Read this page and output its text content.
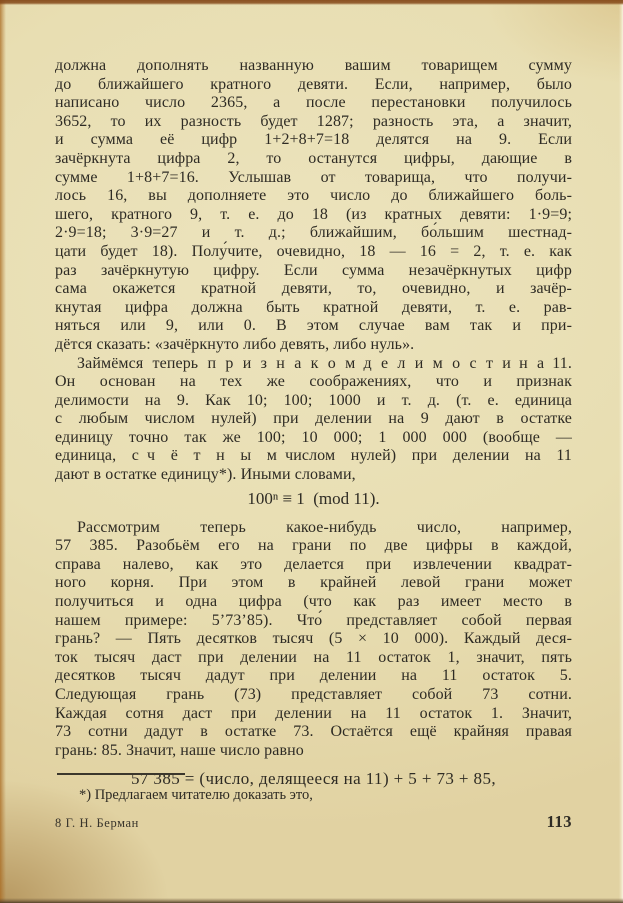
должна дополнять названную вашим товарищем сумму
до ближайшего кратного девяти. Если, например, было
написано число 2365, а после перестановки получилось
3652, то их разность будет 1287; разность эта, а значит,
и сумма её цифр 1+2+8+7=18 делятся на 9. Если
зачёркнута цифра 2, то останутся цифры, дающие в
сумме 1+8+7=16. Услышав от товарища, что получи-
лось 16, вы дополняете это число до ближайшего боль-
шего, кратного 9, т. е. до 18 (из кратных девяти: 1·9=9;
2·9=18; 3·9=27 и т. д.; ближайшим, бо́льшим шестнад-
цати будет 18). Полу́чите, очевидно, 18 — 16 = 2, т. е. как
раз зачёркнутую цифру. Если сумма незачёркнутых цифр
сама окажется кратной девяти, то, очевидно, и зачёр-
кнутая цифра должна быть кратной девяти, т. е. рав-
няться или 9, или 0. В этом случае вам так и при-
дётся сказать: «зачёркнуто либо девять, либо нуль».
Займёмся теперь п р и з н а к о м д е л и м о с т и н а 11.
Он основан на тех же соображениях, что и признак
делимости на 9. Как 10; 100; 1000 и т. д. (т. е. единица
с любым числом нулей) при делении на 9 дают в остатке
единицу точно так же 100; 10 000; 1 000 000 (вообще —
единица, с ч ё т н ы м числом нулей) при делении на 11
дают в остатке единицу*). Иными словами,
100ⁿ ≡ 1 (mod 11).
Рассмотрим теперь какое-нибудь число, например,
57 385. Разобьём его на грани по две цифры в каждой,
справа налево, как это делается при извлечении квадрат-
ного корня. При этом в крайней левой грани может
получиться и одна цифра (что как раз имеет место в
нашем примере: 5’73’85). Что́ представляет собой первая
грань? — Пять десятков тысяч (5 × 10 000). Каждый деся-
ток тысяч даст при делении на 11 остаток 1, значит, пять
десятков тысяч дадут при делении на 11 остаток 5.
Следующая грань (73) представляет собой 73 сотни.
Каждая сотня даст при делении на 11 остаток 1. Значит,
73 сотни дадут в остатке 73. Остаётся ещё крайняя правая
грань: 85. Значит, наше число равно
57 385 = (число, делящееся на 11) + 5 + 73 + 85,
*) Предлагаем читателю доказать это,
8 Г. Н. Берман	113
